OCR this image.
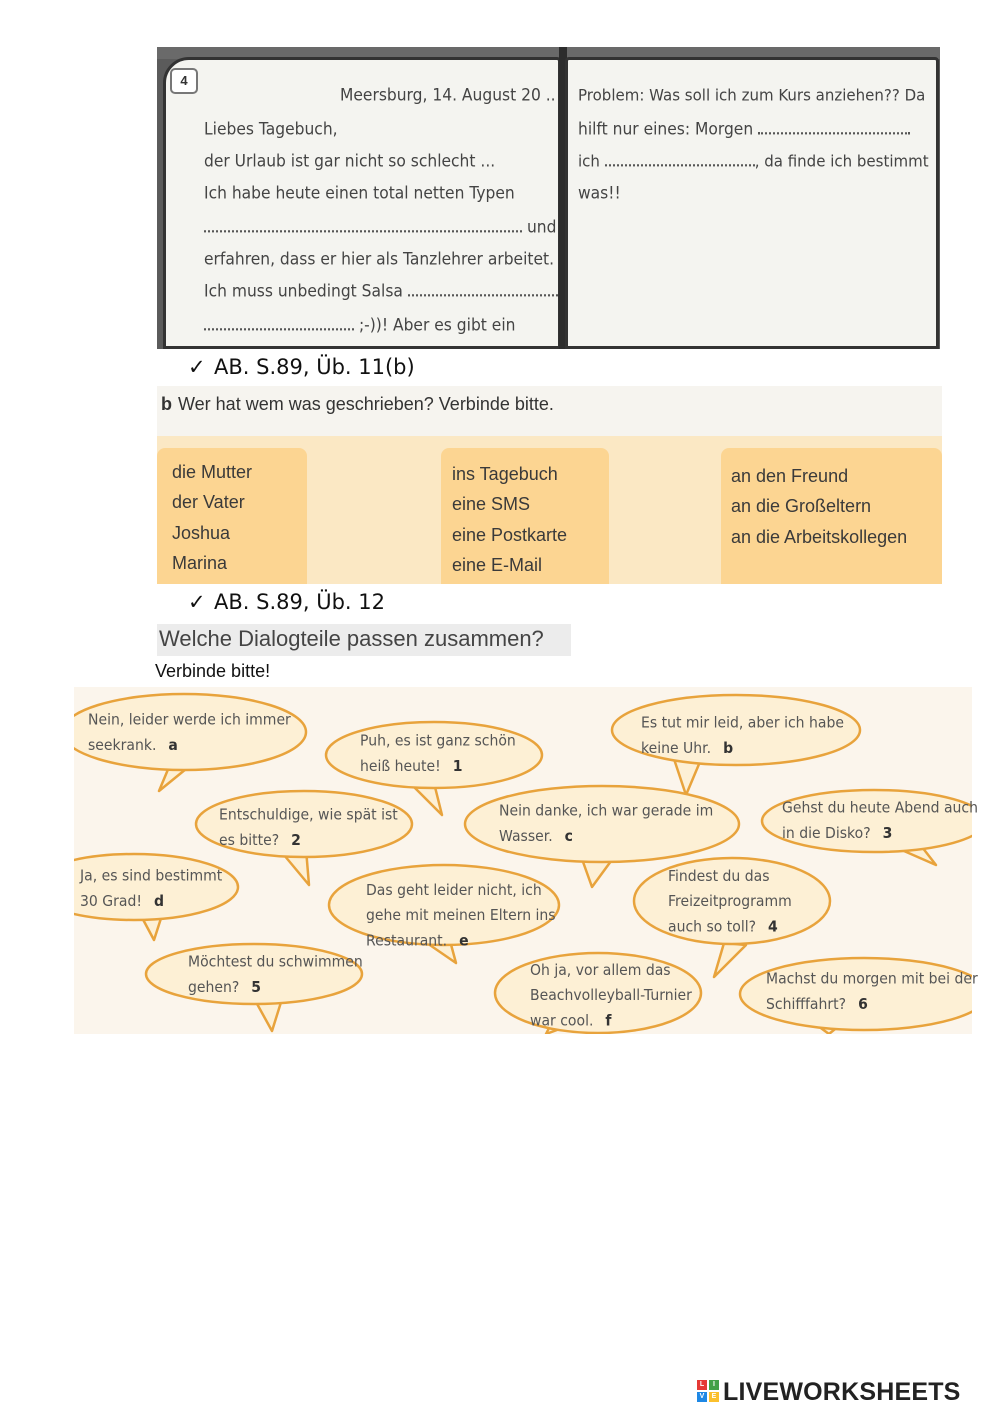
4
Meersburg, 14. August 20 ..
Liebes Tagebuch,
der Urlaub ist gar nicht so schlecht ...
Ich habe heute einen total netten Typen
und
erfahren, dass er hier als Tanzlehrer arbeitet.
Ich muss unbedingt Salsa
;-))! Aber es gibt ein
Problem: Was soll ich zum Kurs anziehen?? Da
hilft nur eines: Morgen
ich	, da finde ich bestimmt
was!!
✓ AB. S.89, Üb. 11(b)
b Wer hat wem was geschrieben? Verbinde bitte.
die Mutter
der Vater
Joshua
Marina
ins Tagebuch
eine SMS
eine Postkarte
eine E-Mail
an den Freund
an die Großeltern
an die Arbeitskollegen
✓ AB. S.89, Üb. 12
Welche Dialogteile passen zusammen?
Verbinde bitte!
Nein, leider werde ich immer
seekrank. a	Puh, es ist ganz schön
heiß heute! 1
Es tut mir leid, aber ich habe
keine Uhr. b
Entschuldige, wie spät ist
es bitte? 2
Nein danke, ich war gerade im
Wasser. c
Gehst du heute Abend auch
in die Disko? 3
Ja, es sind bestimmt
30 Grad! d
Das geht leider nicht, ich
gehe mit meinen Eltern ins
Restaurant. e
Findest du das
Freizeitprogramm
auch so toll? 4
Möchtest du schwimmen
gehen? 5
Oh ja, vor allem das
Beachvolleyball-Turnier
war cool. f
Machst du morgen mit bei der
Schifffahrt? 6
L	I
V	E LIVEWORKSHEETS
